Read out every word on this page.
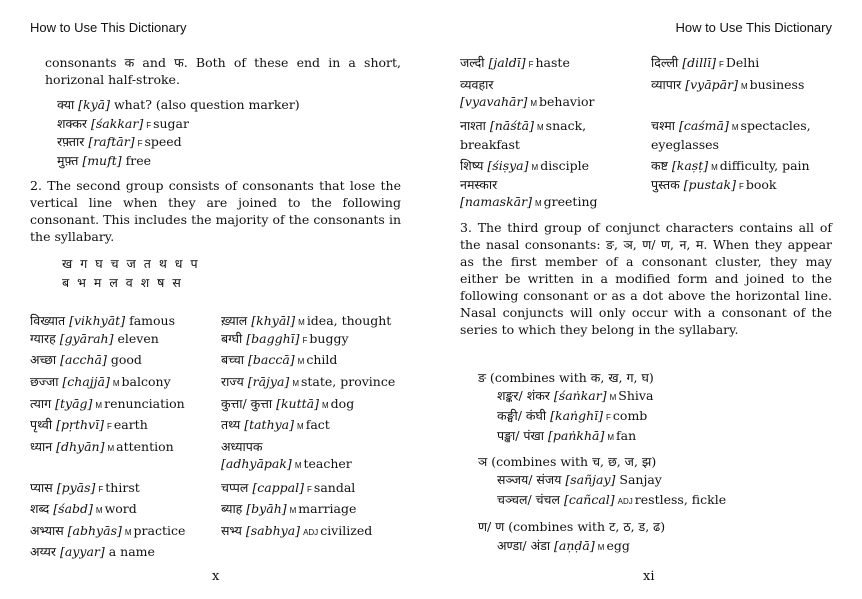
How to Use This Dictionary
consonants क and फ. Both of these end in a short, horizonal half-stroke.
क्या [kyā] what? (also question marker)
शक्कर [śakkar] F sugar
रफ़्तार [raftār] F speed
मुफ़्त [muft] free
2. The second group consists of consonants that lose the vertical line when they are joined to the following consonant. This includes the majority of the consonants in the syllabary.
ख ग घ च ज त थ ध प
ब भ म ल व श ष स
विख्यात [vikhyāt] famous
ग्यारह [gyārah] eleven
अच्छा [acchā] good
छज्जा [chajjā] M balcony
त्याग [tyāg] M renunciation
पृथ्वी [pṛthvī] F earth
ध्यान [dhyān] M attention
प्यास [pyās] F thirst
शब्द [śabd] M word
अभ्यास [abhyās] M practice
अय्यर [ayyar] a name
ख़्याल [khyāl] M idea, thought
बग्घी [bagghī] F buggy
बच्चा [baccā] M child
राज्य [rājya] M state, province
कुत्ता/ कुत्ता [kuttā] M dog
तथ्य [tathya] M fact
अध्यापक [adhyāpak] M teacher
चप्पल [cappal] F sandal
ब्याह [byāh] M marriage
सभ्य [sabhya] ADJ civilized
x
How to Use This Dictionary
जल्दी [jaldī] F haste
व्यवहार [vyavahār] M behavior
नाश्ता [nāśtā] M snack, breakfast
शिष्य [śiṣya] M disciple
नमस्कार [namaskār] M greeting
दिल्ली [dillī] F Delhi
व्यापार [vyāpār] M business
चश्मा [caśmā] M spectacles, eyeglasses
कष्ट [kaṣṭ] M difficulty, pain
पुस्तक [pustak] F book
3. The third group of conjunct characters contains all of the nasal consonants: ङ, ञ, ण/ ण, न, म. When they appear as the first member of a consonant cluster, they may either be written in a modified form and joined to the following consonant or as a dot above the horizontal line. Nasal conjuncts will only occur with a consonant of the series to which they belong in the syllabary.
ङ (combines with क, ख, ग, घ)
शङ्कर/ शंकर [śaṅkar] M Shiva
कङ्घी/ कंघी [kaṅghī] F comb
पङ्खा/ पंखा [paṅkhā] M fan
ञ (combines with च, छ, ज, झ)
सञ्जय/ संजय [sañjay] Sanjay
चञ्चल/ चंचल [cañcal] ADJ restless, fickle
ण/ ण (combines with ट, ठ, ड, ढ)
अण्डा/ अंडा [aṇḍā] M egg
xi
